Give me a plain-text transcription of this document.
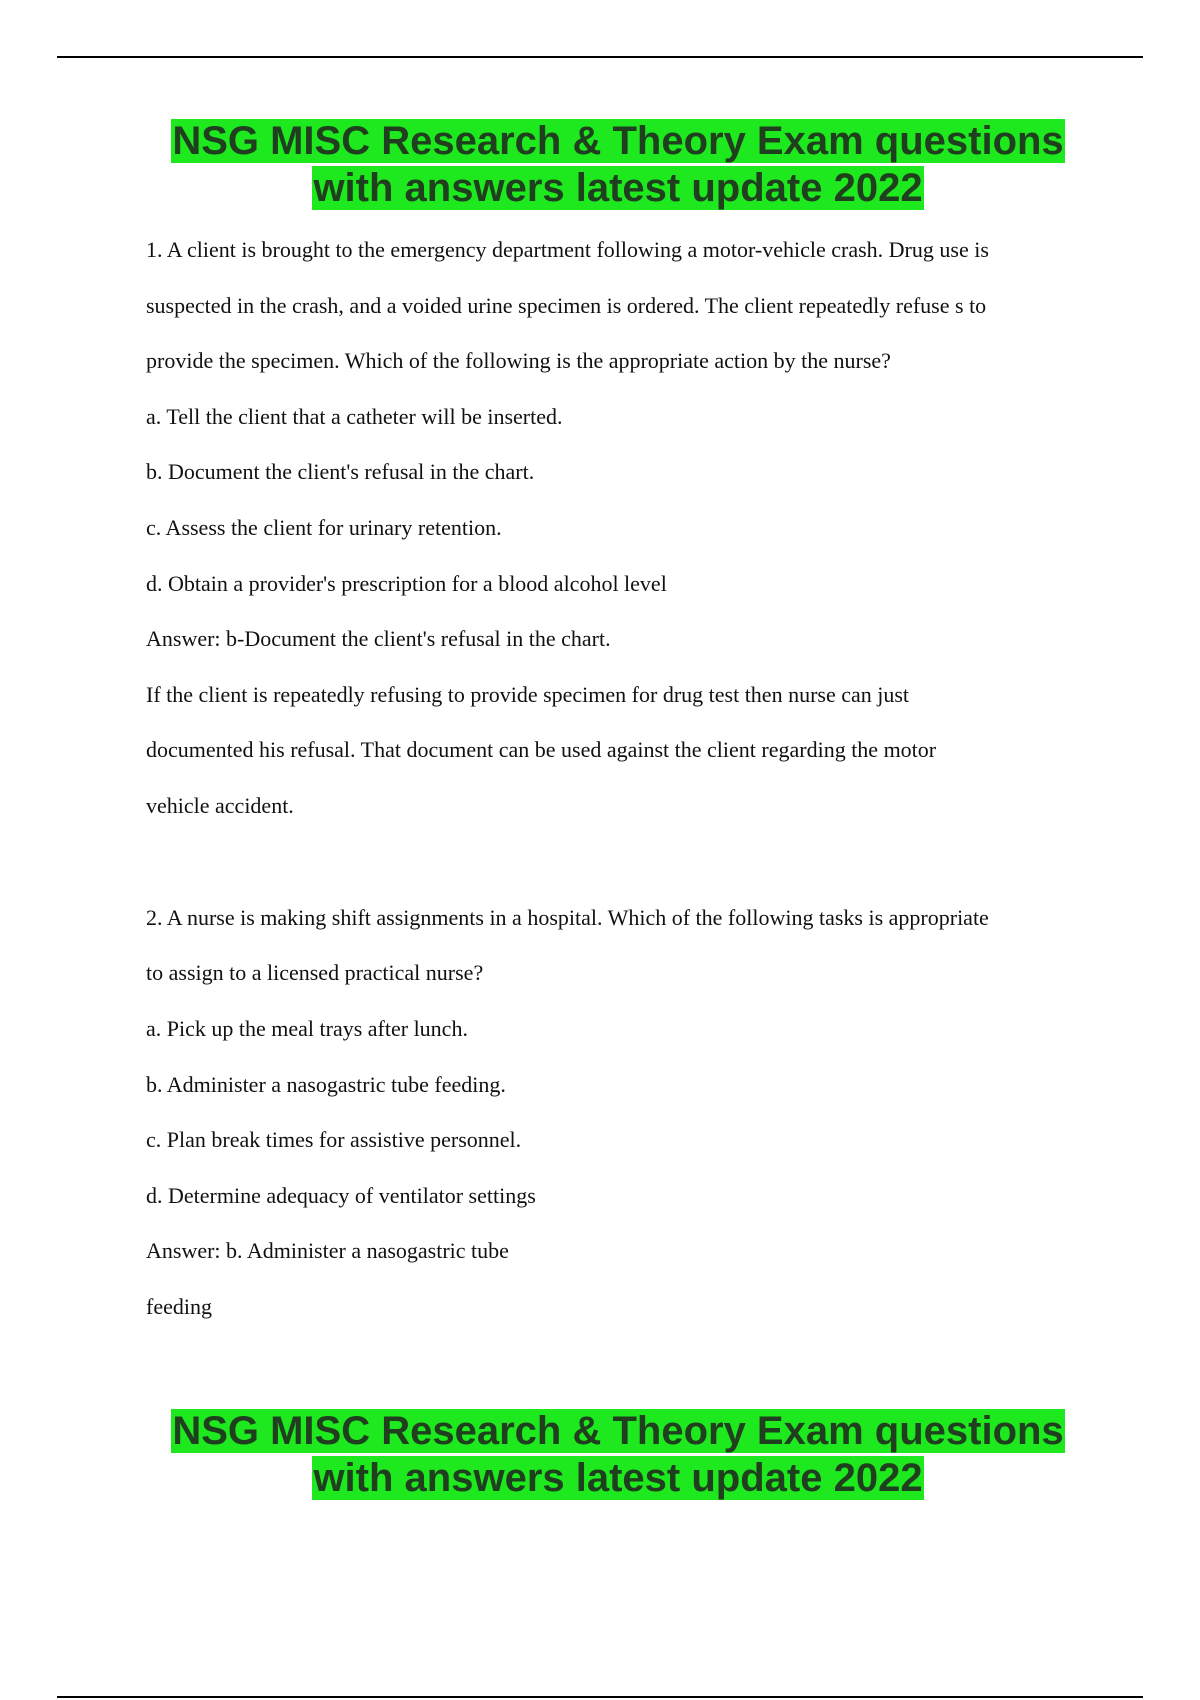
NSG MISC Research & Theory Exam questions
with answers latest update 2022

1. A client is brought to the emergency department following a motor-vehicle crash. Drug use is

suspected in the crash, and a voided urine specimen is ordered. The client repeatedly refuse s to

provide the specimen. Which of the following is the appropriate action by the nurse?

a. Tell the client that a catheter will be inserted.

b. Document the client's refusal in the chart.

c. Assess the client for urinary retention.

d. Obtain a provider's prescription for a blood alcohol level

Answer: b-Document the client's refusal in the chart.

If the client is repeatedly refusing to provide specimen for drug test then nurse can just

documented his refusal. That document can be used against the client regarding the motor

vehicle accident.

2. A nurse is making shift assignments in a hospital. Which of the following tasks is appropriate

to assign to a licensed practical nurse?

a. Pick up the meal trays after lunch.

b. Administer a nasogastric tube feeding.

c. Plan break times for assistive personnel.

d. Determine adequacy of ventilator settings

Answer: b. Administer a nasogastric tube

feeding

NSG MISC Research & Theory Exam questions
with answers latest update 2022
